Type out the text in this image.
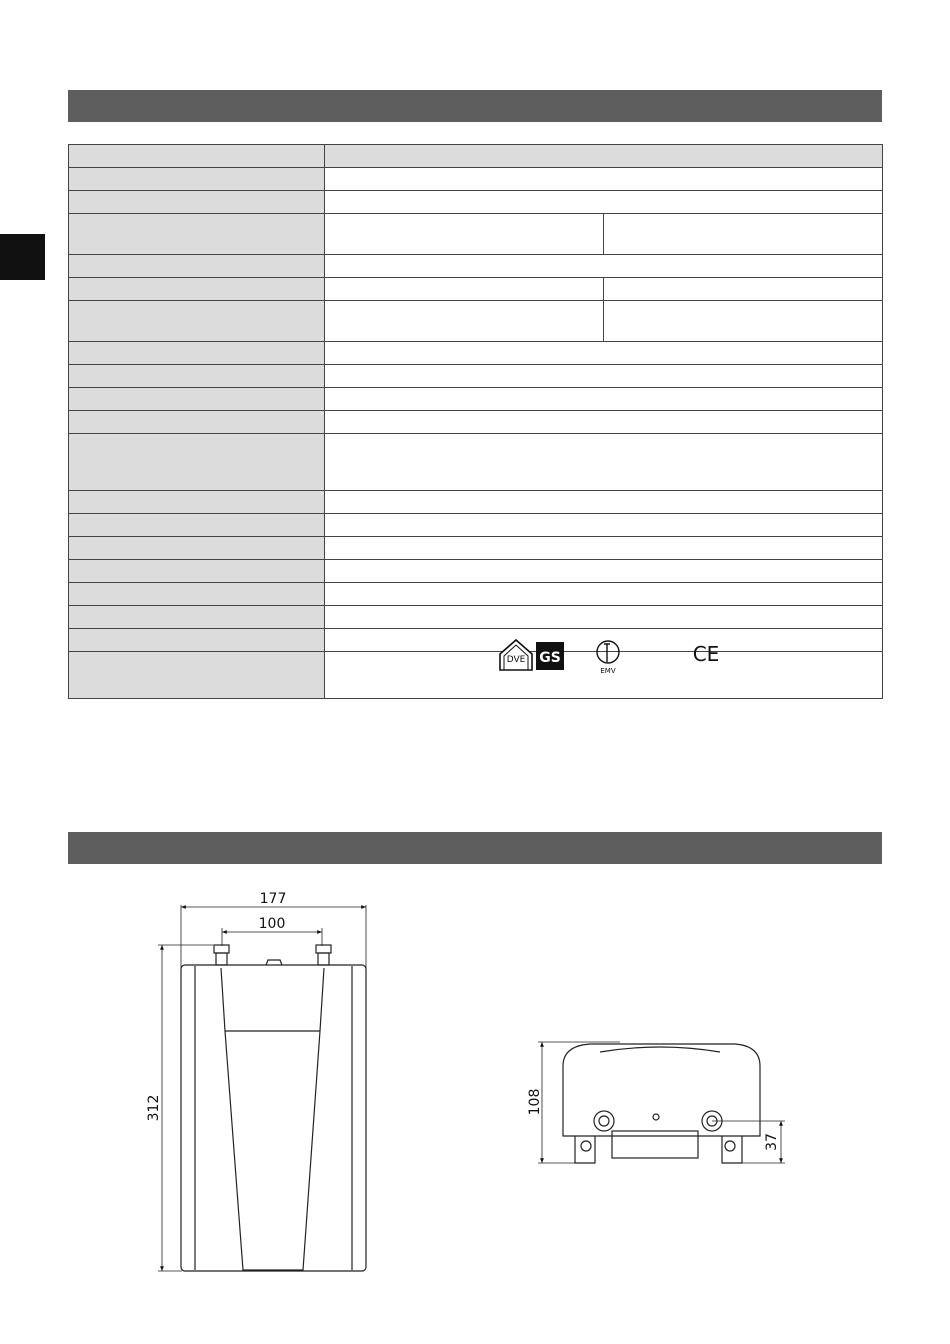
DVE GS
EMV
CE
177
100
312	108
37
